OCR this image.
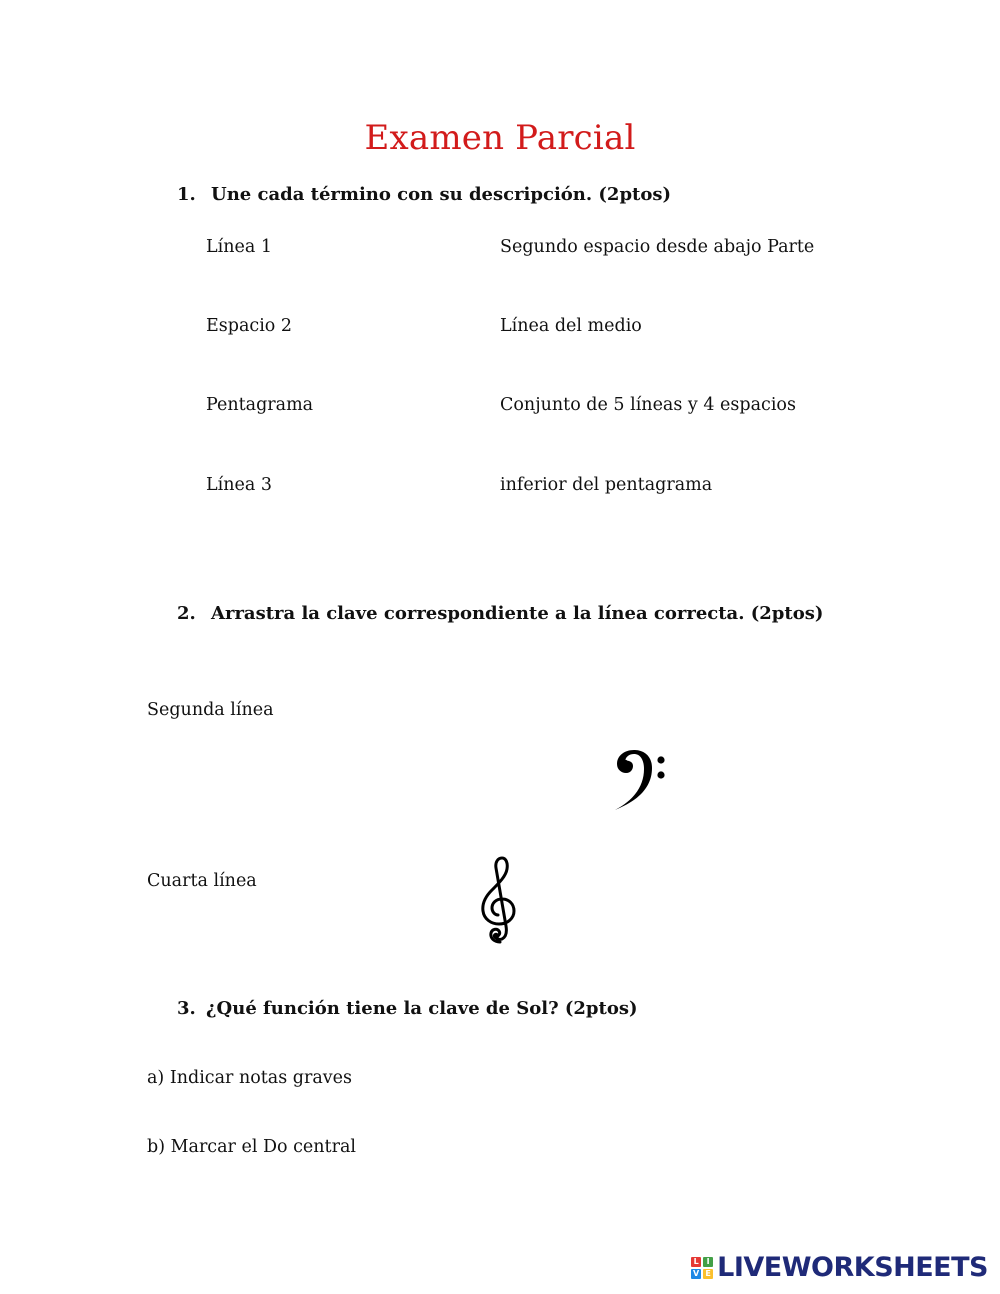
Examen Parcial
1. Une cada término con su descripción. (2ptos)
Línea 1
Espacio 2
Pentagrama
Línea 3
Segundo espacio desde abajo Parte
Línea del medio
Conjunto de 5 líneas y 4 espacios
inferior del pentagrama
2. Arrastra la clave correspondiente a la línea correcta. (2ptos)
Segunda línea
Cuarta línea
3. ¿Qué función tiene la clave de Sol? (2ptos)
a) Indicar notas graves
b) Marcar el Do central
L I
V E LIVEWORKSHEETS
